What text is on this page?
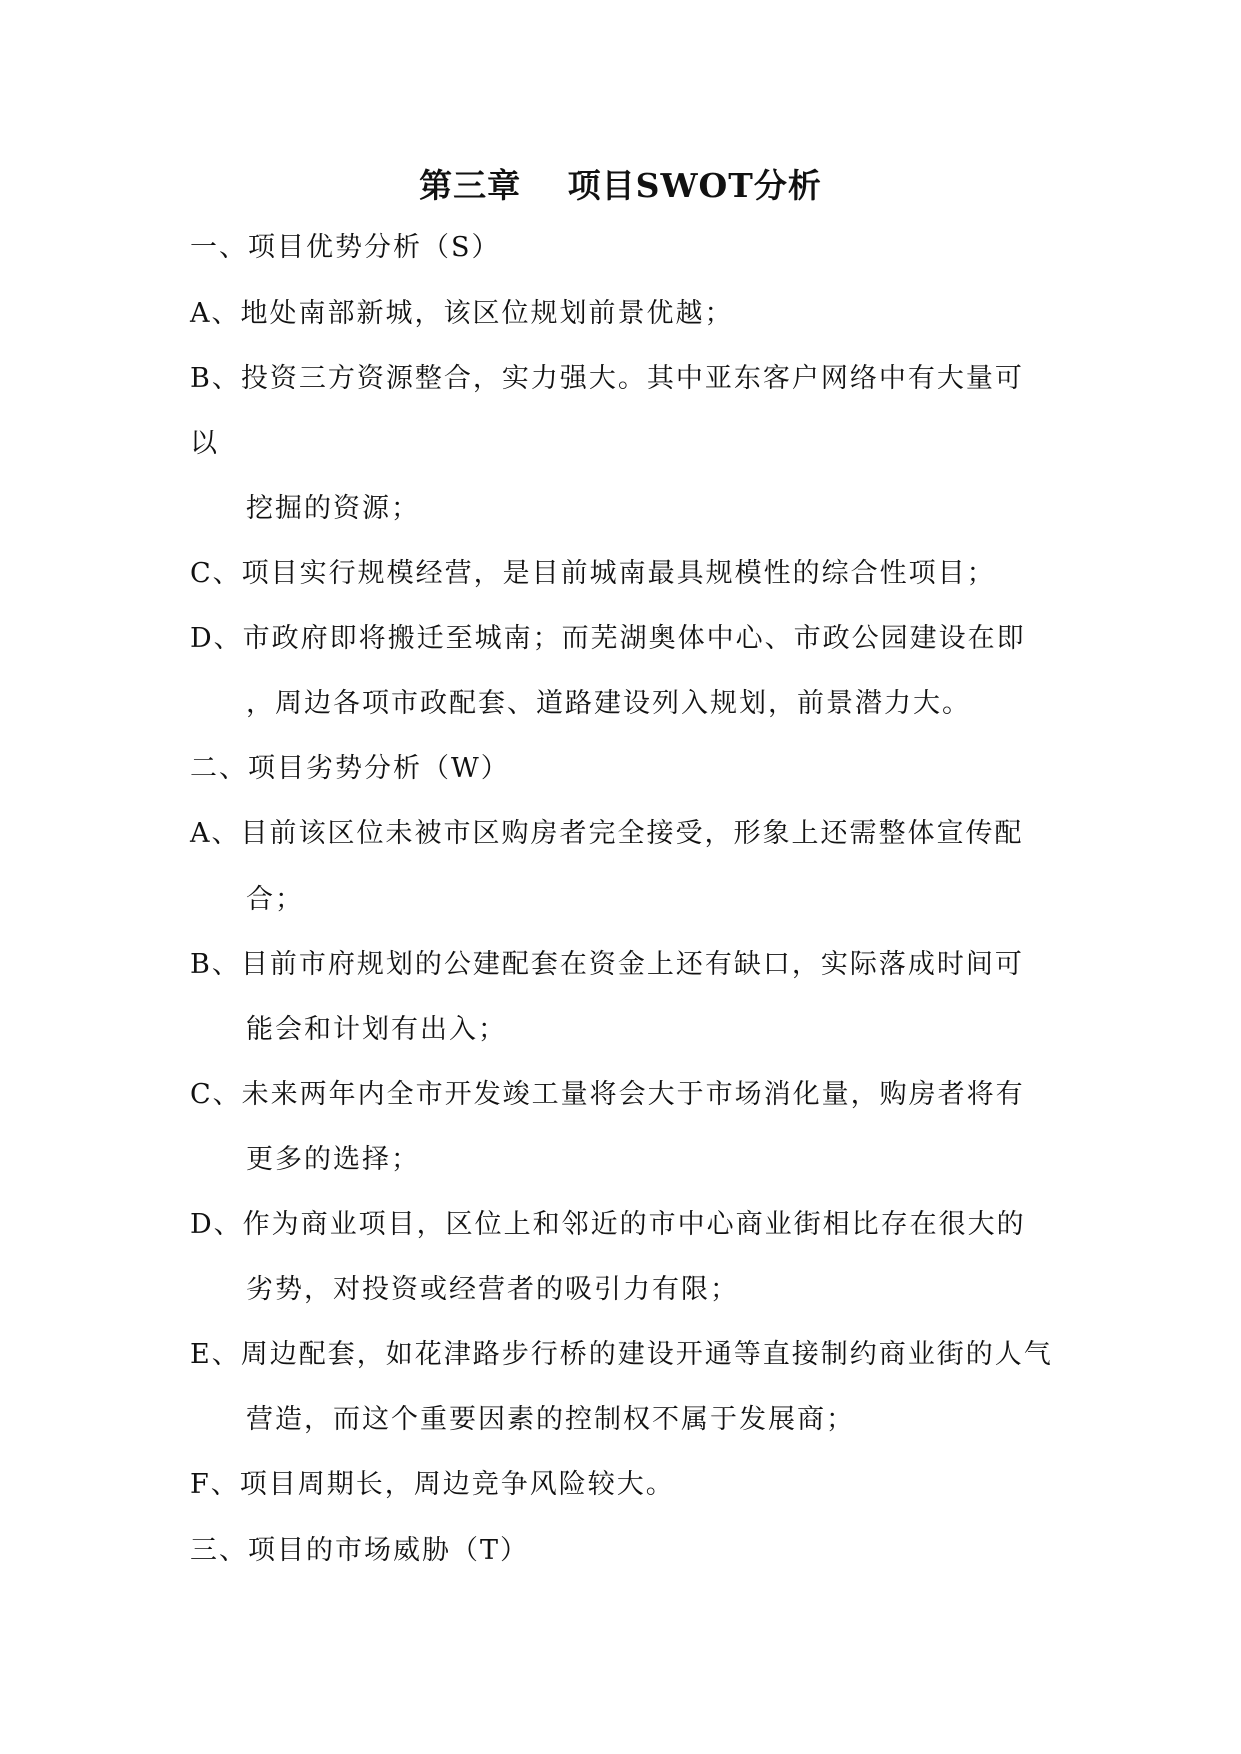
第三章　 项目SWOT分析
一、项目优势分析（S）
A、地处南部新城，该区位规划前景优越；
B、投资三方资源整合，实力强大。其中亚东客户网络中有大量可
以
挖掘的资源；
C、项目实行规模经营，是目前城南最具规模性的综合性项目；
D、市政府即将搬迁至城南；而芜湖奥体中心、市政公园建设在即
，周边各项市政配套、道路建设列入规划，前景潜力大。
二、项目劣势分析（W）
A、目前该区位未被市区购房者完全接受，形象上还需整体宣传配
合；
B、目前市府规划的公建配套在资金上还有缺口，实际落成时间可
能会和计划有出入；
C、未来两年内全市开发竣工量将会大于市场消化量，购房者将有
更多的选择；
D、作为商业项目，区位上和邻近的市中心商业街相比存在很大的
劣势，对投资或经营者的吸引力有限；
E、周边配套，如花津路步行桥的建设开通等直接制约商业街的人气
营造，而这个重要因素的控制权不属于发展商；
F、项目周期长，周边竞争风险较大。
三、项目的市场威胁（T）
